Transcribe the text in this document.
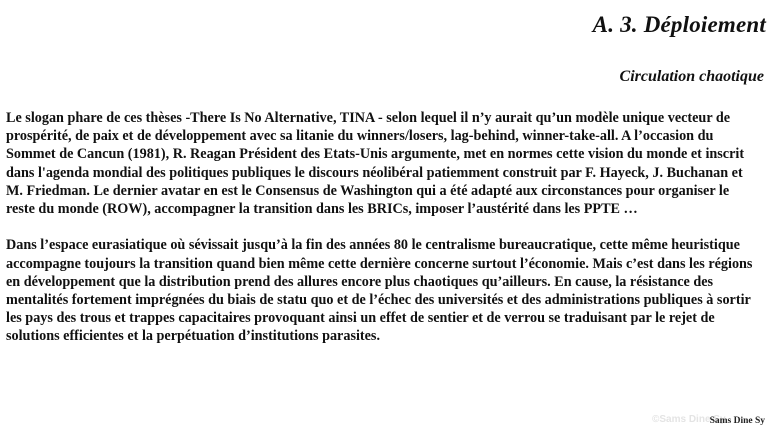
A. 3. Déploiement
Circulation chaotique

Le slogan phare de ces thèses -There Is No Alternative, TINA - selon lequel il n’y aurait qu’un modèle unique vecteur de prospérité, de paix et de développement avec sa litanie du winners/losers, lag-behind, winner-take-all. A l’occasion du Sommet de Cancun (1981), R. Reagan Président des Etats-Unis argumente, met en normes cette vision du monde et inscrit dans l'agenda mondial des politiques publiques le discours néolibéral patiemment construit par F. Hayeck, J. Buchanan et M. Friedman. Le dernier avatar en est le Consensus de Washington qui a été adapté aux circonstances pour organiser le reste du monde (ROW), accompagner la transition dans les BRICs, imposer l’austérité dans les PPTE …

Dans l’espace eurasiatique où sévissait jusqu’à la fin des années 80 le centralisme bureaucratique, cette même heuristique accompagne toujours la transition quand bien même cette dernière concerne surtout l’économie. Mais c’est dans les régions en développement que la distribution prend des allures encore plus chaotiques qu’ailleurs. En cause, la résistance des mentalités fortement imprégnées du biais de statu quo et de l’échec des universités et des administrations publiques à sortir les pays des trous et trappes capacitaires provoquant ainsi un effet de sentier et de verrou se traduisant par le rejet de solutions efficientes et la perpétuation d’institutions parasites.

©Sams Dine Sy
Sams Dine Sy
